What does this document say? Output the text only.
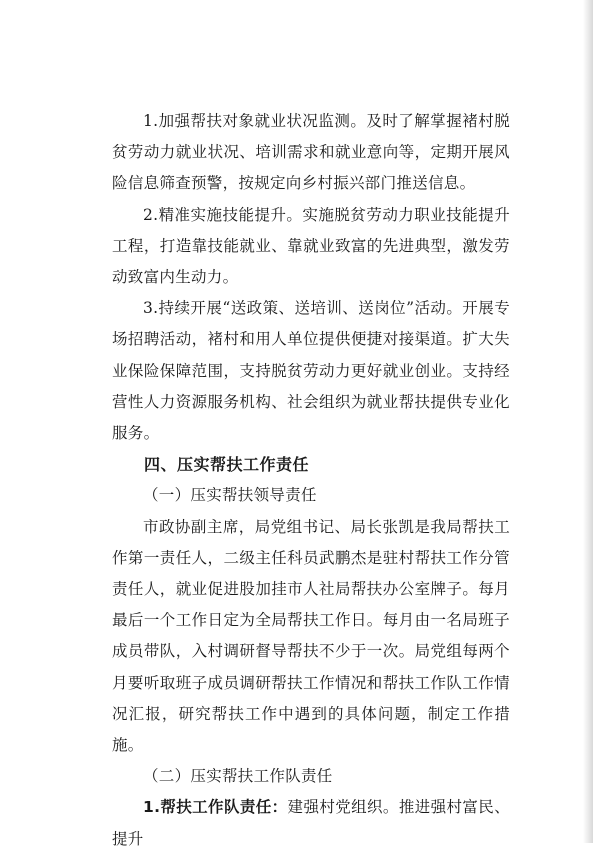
1.加强帮扶对象就业状况监测。及时了解掌握褚村脱贫劳动力就业状况、培训需求和就业意向等，定期开展风险信息筛查预警，按规定向乡村振兴部门推送信息。

2.精准实施技能提升。实施脱贫劳动力职业技能提升工程，打造靠技能就业、靠就业致富的先进典型，激发劳动致富内生动力。

3.持续开展“送政策、送培训、送岗位”活动。开展专场招聘活动，褚村和用人单位提供便捷对接渠道。扩大失业保险保障范围，支持脱贫劳动力更好就业创业。支持经营性人力资源服务机构、社会组织为就业帮扶提供专业化服务。

四、压实帮扶工作责任

（一）压实帮扶领导责任

市政协副主席，局党组书记、局长张凯是我局帮扶工作第一责任人，二级主任科员武鹏杰是驻村帮扶工作分管责任人，就业促进股加挂市人社局帮扶办公室牌子。每月最后一个工作日定为全局帮扶工作日。每月由一名局班子成员带队，入村调研督导帮扶不少于一次。局党组每两个月要听取班子成员调研帮扶工作情况和帮扶工作队工作情况汇报，研究帮扶工作中遇到的具体问题，制定工作措施。

（二）压实帮扶工作队责任

1.帮扶工作队责任：建强村党组织。推进强村富民、提升
